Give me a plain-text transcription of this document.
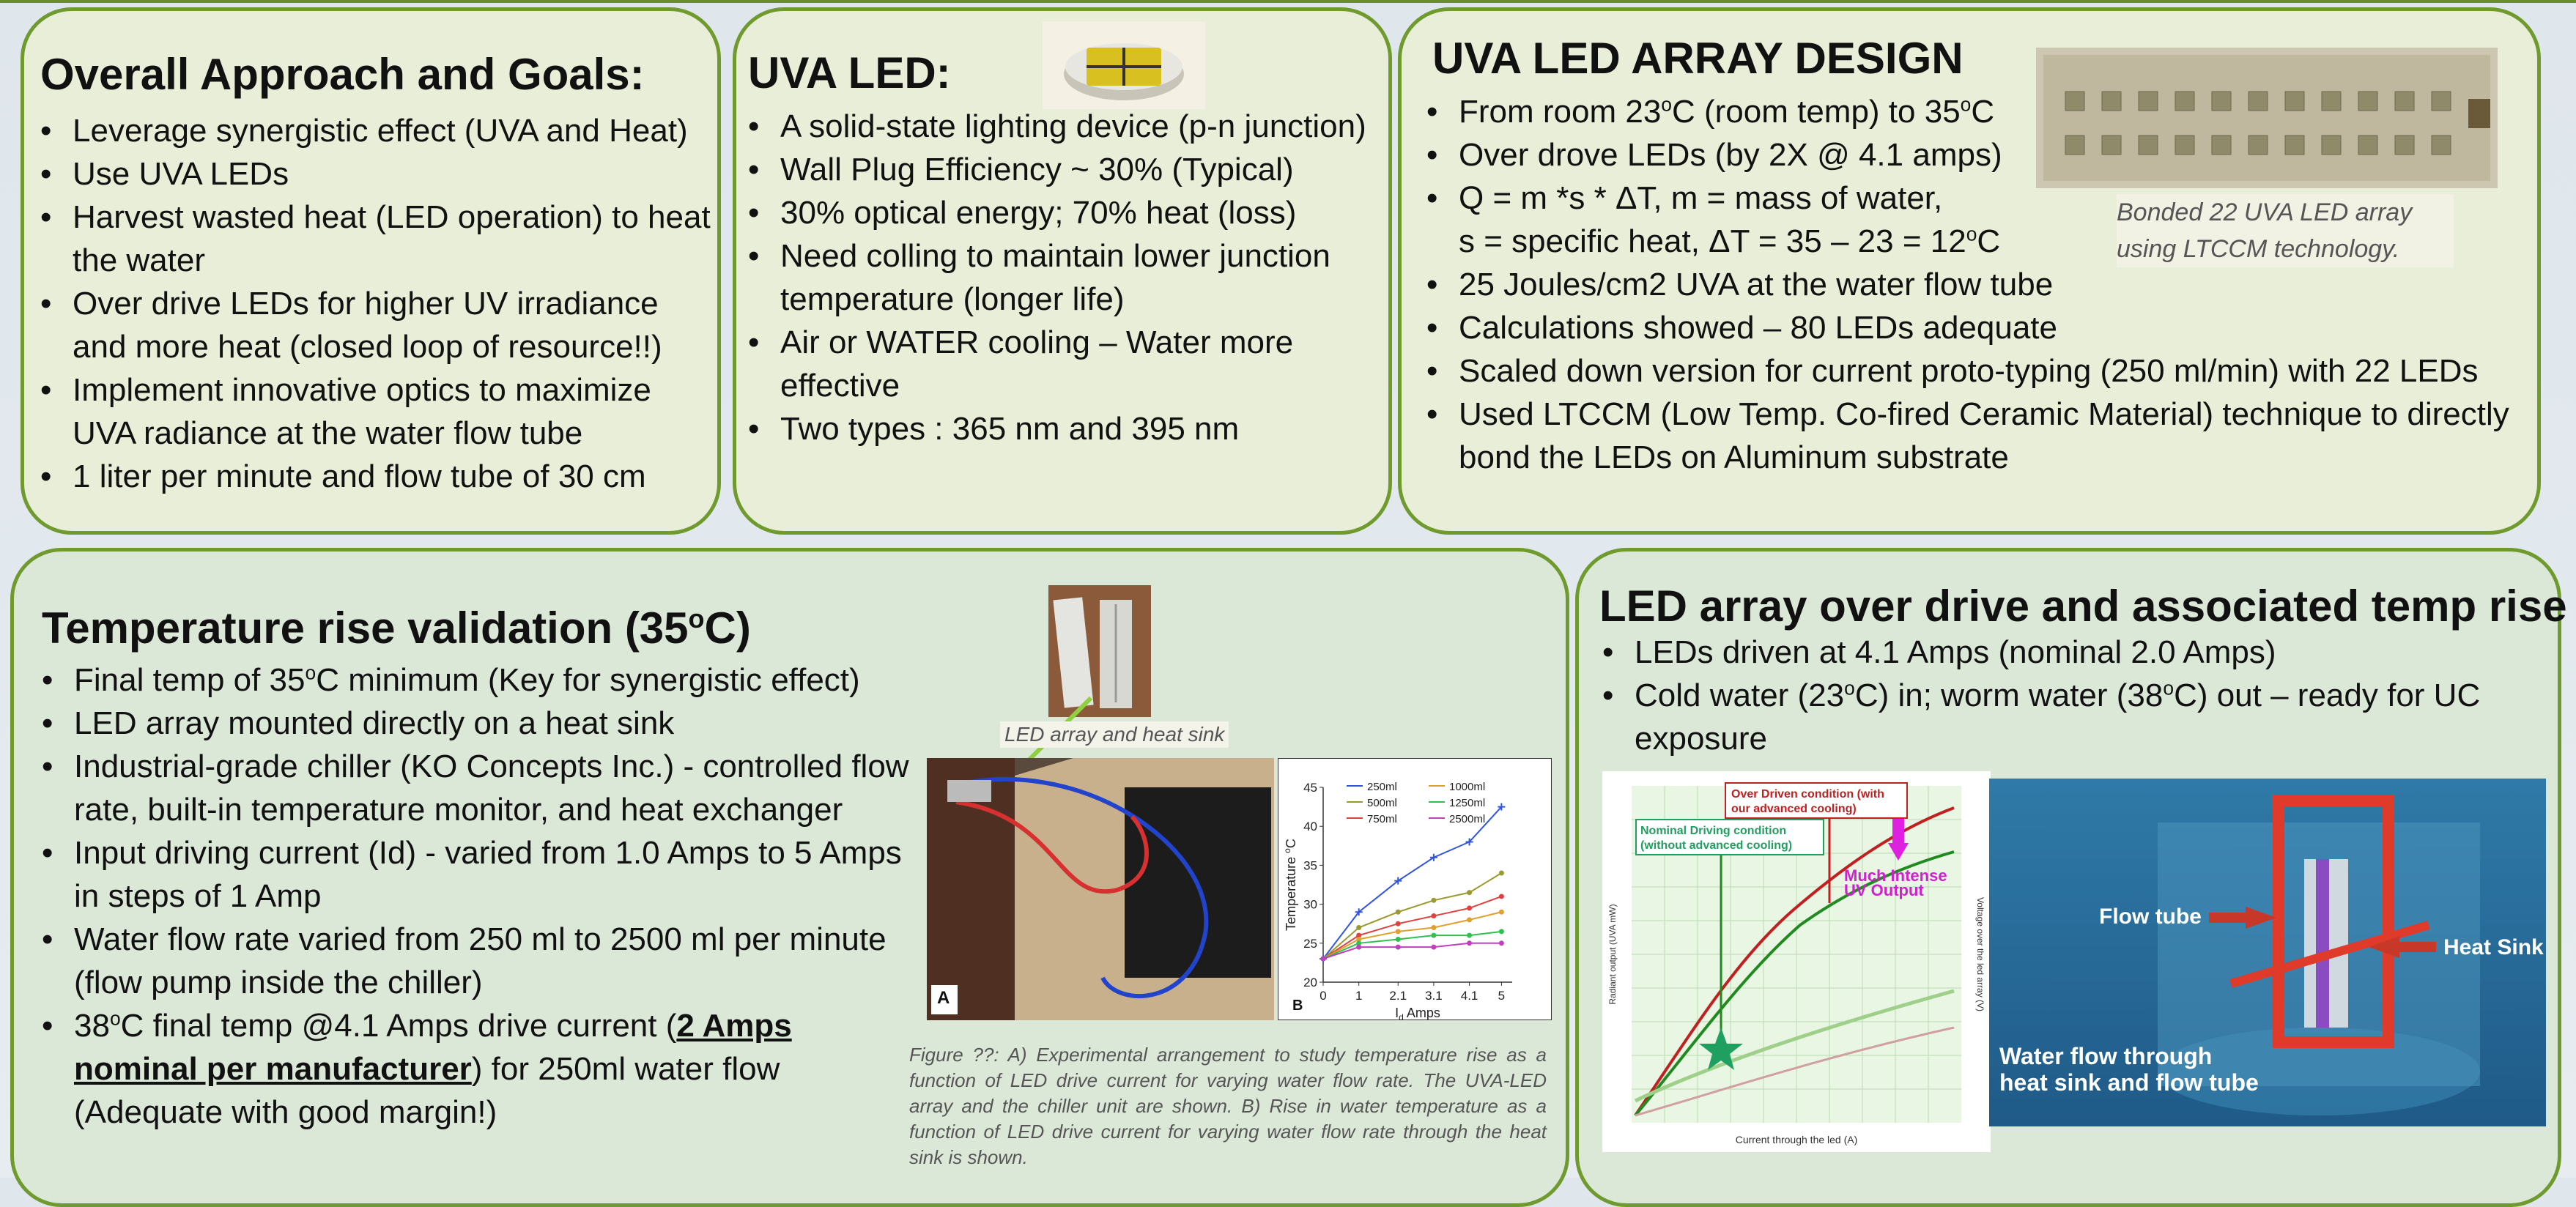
Overall Approach and Goals:
• Leverage synergistic effect (UVA and Heat)
• Use UVA LEDs
• Harvest wasted heat (LED operation) to heat the water
• Over drive LEDs for higher UV irradiance and more heat (closed loop of resource!!)
• Implement innovative optics to maximize UVA radiance at the water flow tube
• 1 liter per minute and flow tube of 30 cm
UVA LED:
• A solid-state lighting device (p-n junction)
• Wall Plug Efficiency ~ 30% (Typical)
• 30% optical energy; 70% heat (loss)
• Need colling to maintain lower junction temperature (longer life)
• Air or WATER cooling – Water more effective
• Two types : 365 nm and 395 nm
UVA LED ARRAY DESIGN
Bonded 22 UVA LED array using LTCCM technology.
• From room 23$^o$C (room temp) to 35$^o$C
• Over drove LEDs (by 2X @ 4.1 amps)
• Q = m *s * ΔT, m = mass of water,
s = specific heat, $\Delta T = 35 - 23 = 12^oC$
• 25 Joules/cm2 UVA at the water flow tube
• Calculations showed – 80 LEDs adequate
• Scaled down version for current proto-typing (250 ml/min) with 22 LEDs
• Used LTCCM (Low Temp. Co-fired Ceramic Material) technique to directly bond the LEDs on Aluminum substrate
Temperature rise validation (35$^o$C)
• Final temp of 35$^o$C minimum (Key for synergistic effect)
• LED array mounted directly on a heat sink
• Industrial-grade chiller (KO Concepts Inc.) - controlled flow rate, built-in temperature monitor, and heat exchanger
• Input driving current (Id) - varied from 1.0 Amps to 5 Amps in steps of 1 Amp
• Water flow rate varied from 250 ml to 2500 ml per minute (flow pump inside the chiller)
• 38$^o$C final temp @4.1 Amps drive current (2 Amps nominal per manufacturer) for 250ml water flow (Adequate with good margin!)
LED array and heat sink
A
20
25
30
35
40
45
0 1 2.1 3.1 4.1 5
$I_d$ Amps
Temperature $^o$C
250ml
500ml
750ml
1000ml
1250ml
2500ml
B
Figure ??: A) Experimental arrangement to study temperature rise as a function of LED drive current for varying water flow rate. The UVA-LED array and the chiller unit are shown. B) Rise in water temperature as a function of LED drive current for varying water flow rate through the heat sink is shown.
LED array over drive and associated temp rise
• LEDs driven at 4.1 Amps (nominal 2.0 Amps)
• Cold water (23$^o$C) in; worm water (38$^o$C) out – ready for UC exposure
Over Driven condition (with our advanced cooling)
Nominal Driving condition (without advanced cooling)
Much Intense UV Output
Current through the led (A)
Radiant output (UVA mW)	Voltage over the led array (V)	Flow tube
Heat Sink
Water flow through heat sink and flow tube
